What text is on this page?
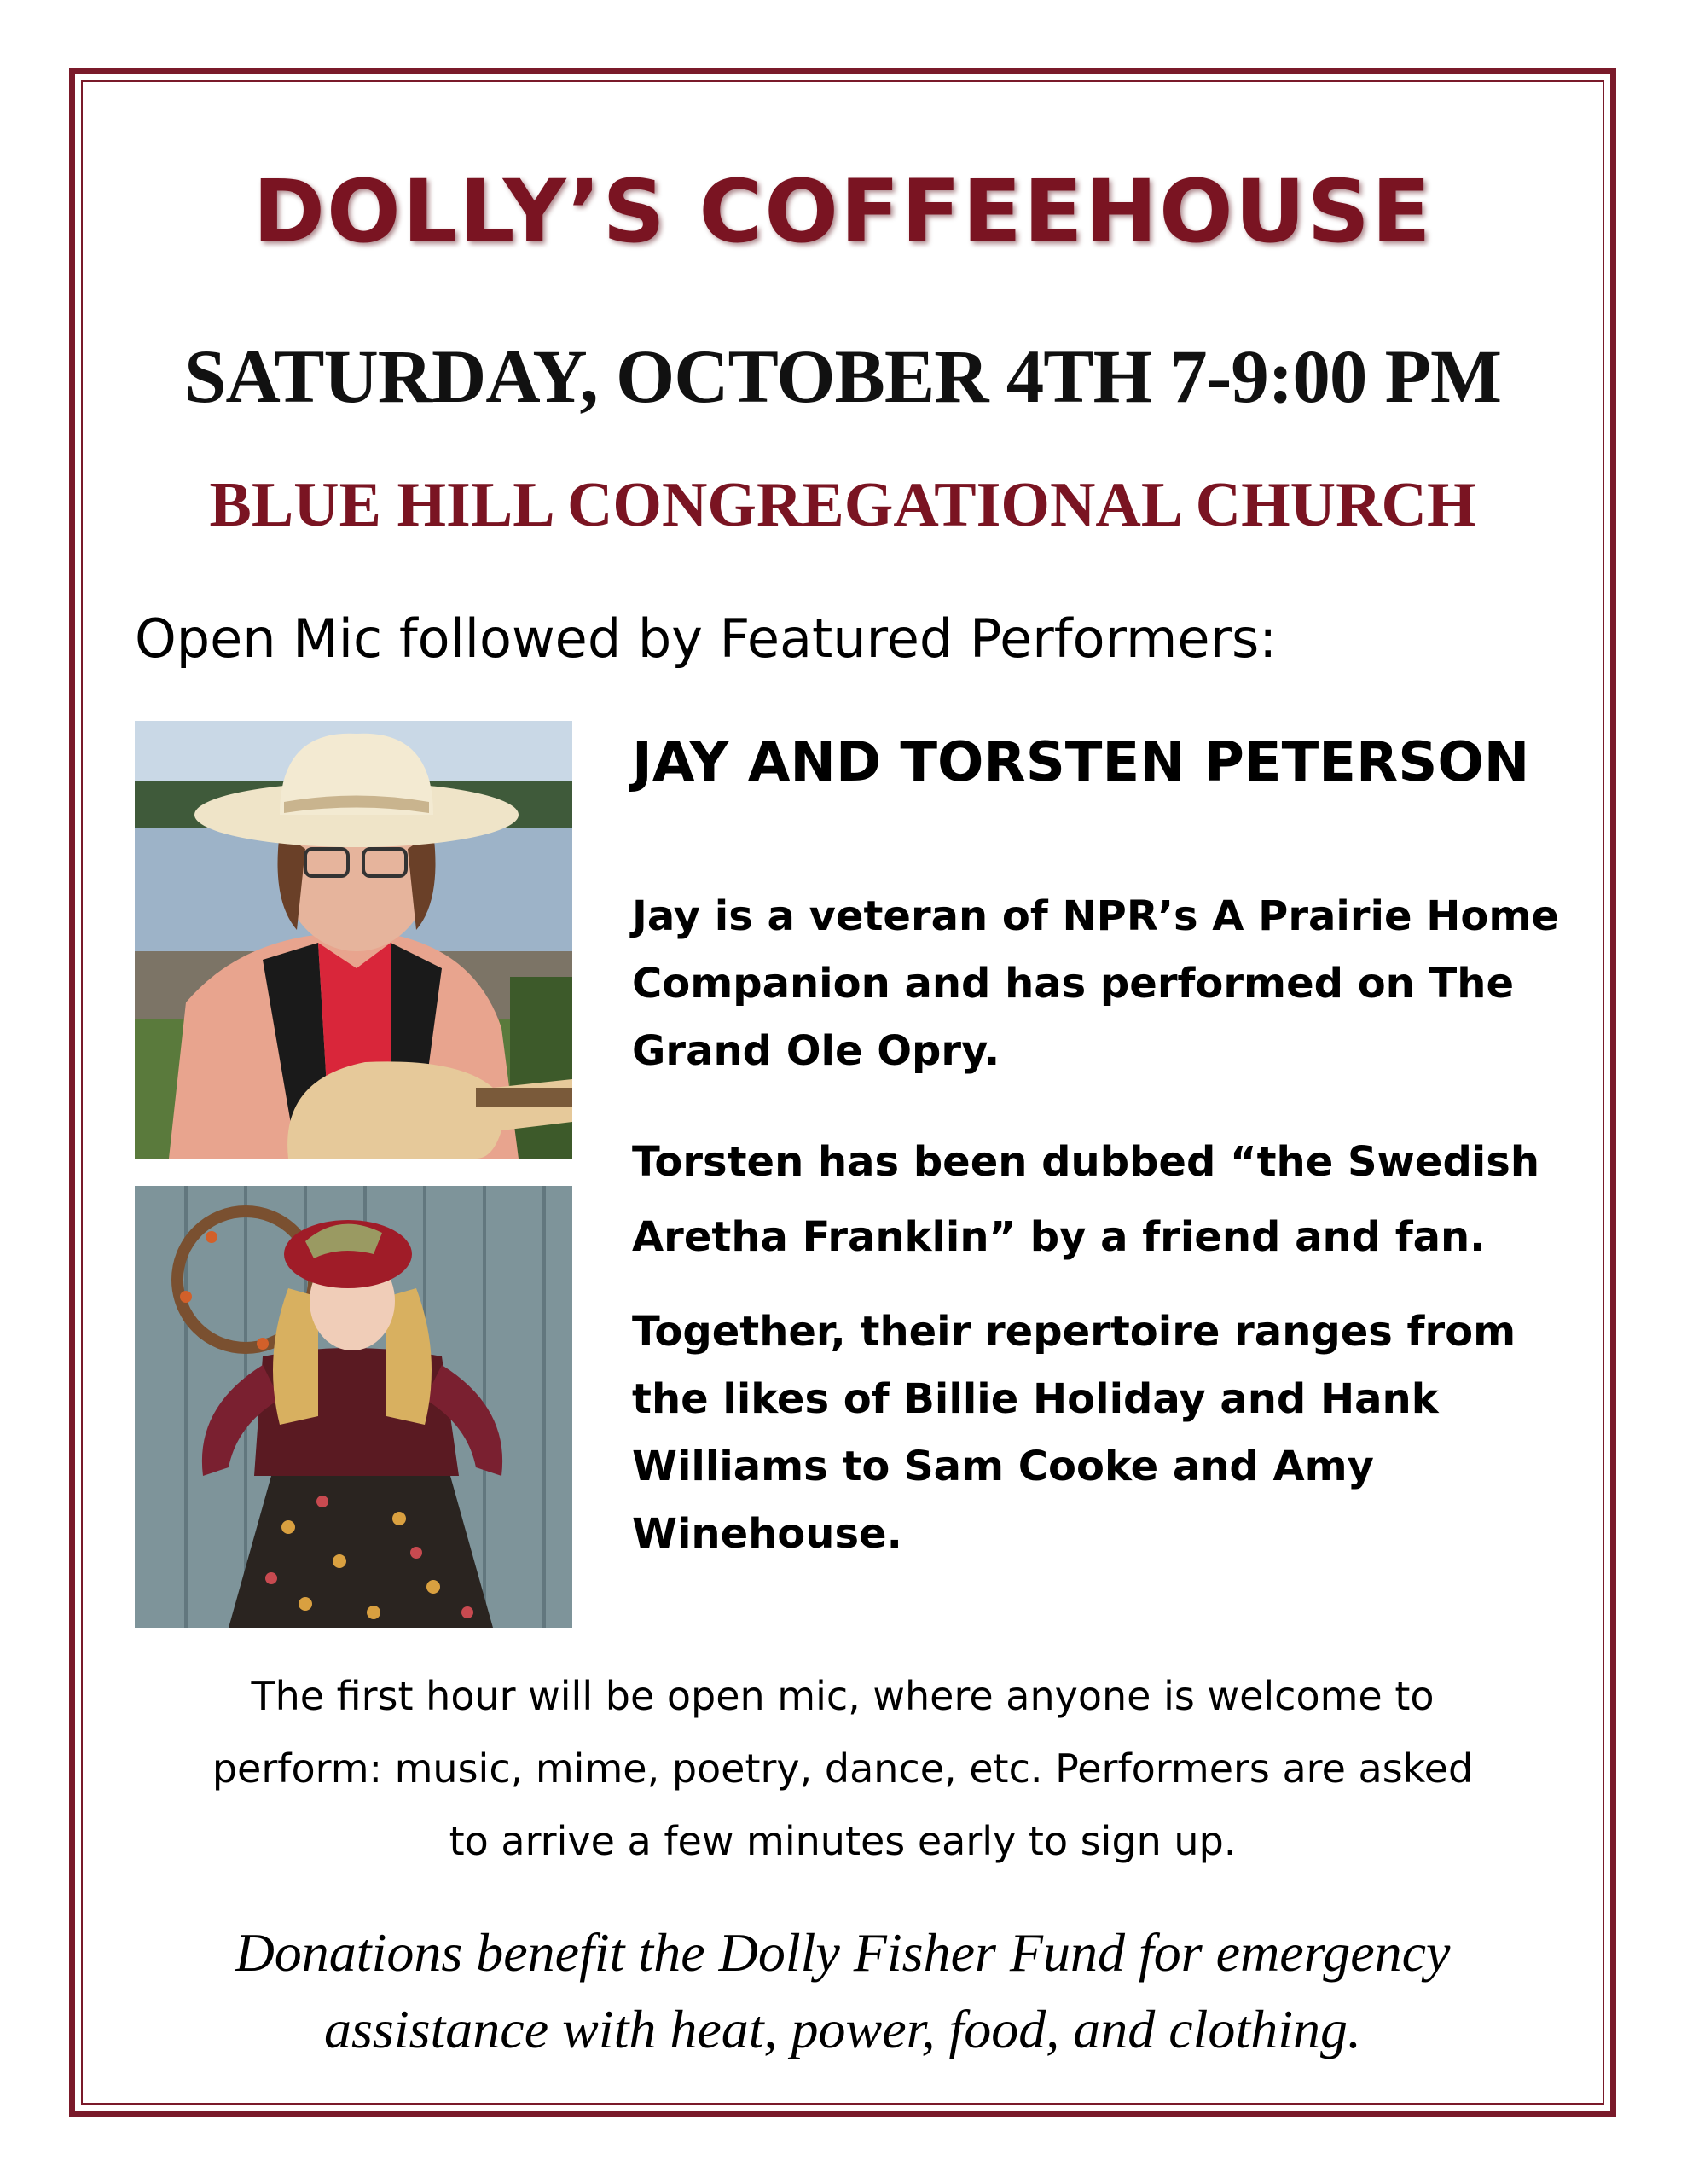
DOLLY’S COFFEEHOUSE
SATURDAY, OCTOBER 4TH 7-9:00 PM
BLUE HILL CONGREGATIONAL CHURCH
Open Mic followed by Featured Performers:
JAY AND TORSTEN PETERSON

Jay is a veteran of NPR’s A Prairie Home Companion and has performed on The Grand Ole Opry.

Torsten has been dubbed “the Swedish Aretha Franklin” by a friend and fan.

Together, their repertoire ranges from the likes of Billie Holiday and Hank Williams to Sam Cooke and Amy Winehouse.

The first hour will be open mic, where anyone is welcome to
perform: music, mime, poetry, dance, etc. Performers are asked
to arrive a few minutes early to sign up.
Donations benefit the Dolly Fisher Fund for emergency
assistance with heat, power, food, and clothing.
